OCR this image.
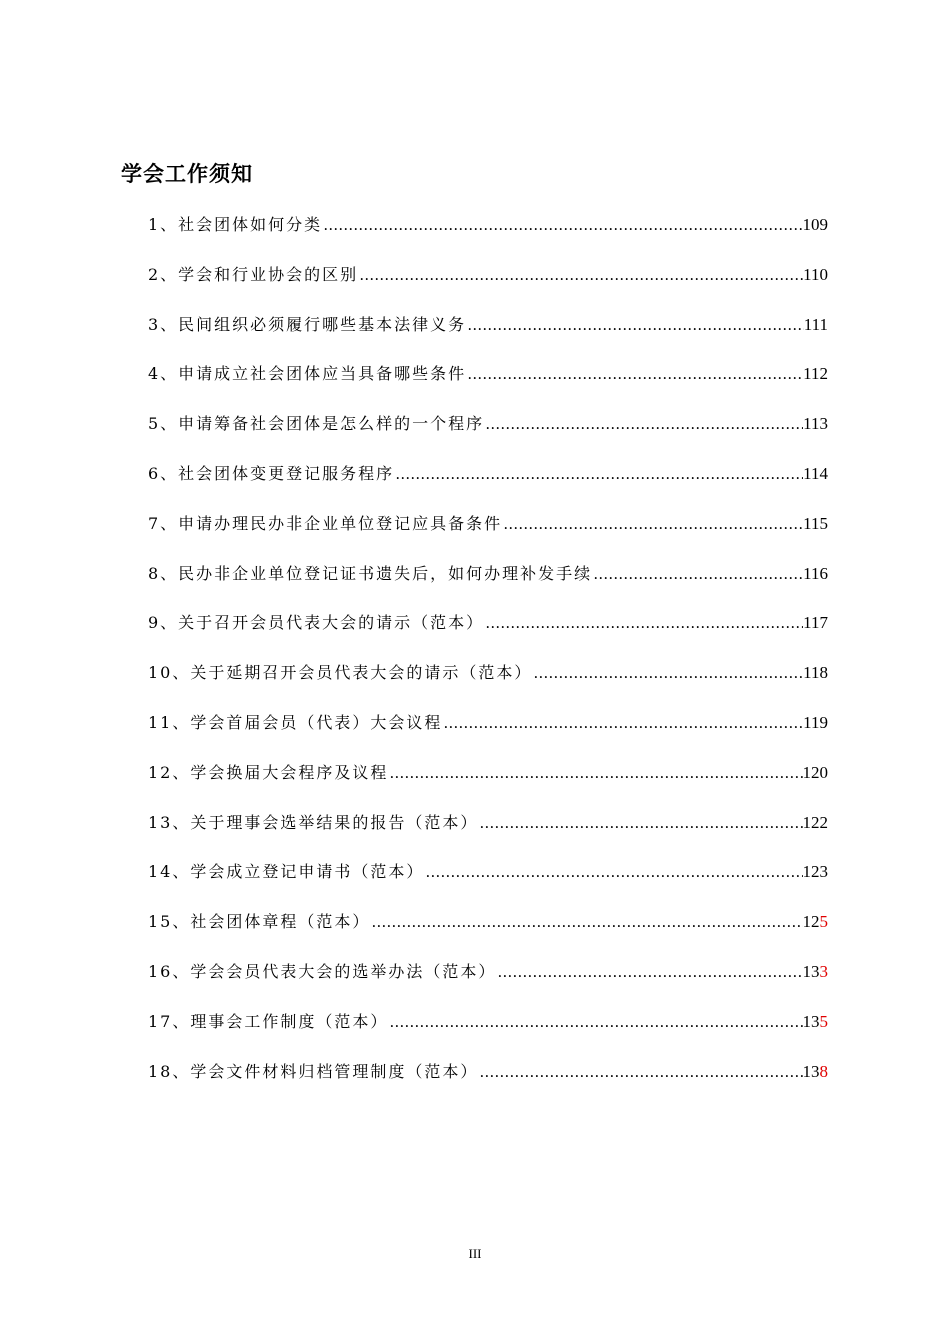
学会工作须知
1、社会团体如何分类 …………………………………………………………………………………………………………………………	109
2、学会和行业协会的区别 …………………………………………………………………………………………………………………………	110
3、民间组织必须履行哪些基本法律义务 …………………………………………………………………………………………………………………………	111
4、申请成立社会团体应当具备哪些条件 …………………………………………………………………………………………………………………………	112
5、申请筹备社会团体是怎么样的一个程序 …………………………………………………………………………………………………………………………	113
6、社会团体变更登记服务程序 …………………………………………………………………………………………………………………………	114
7、申请办理民办非企业单位登记应具备条件 …………………………………………………………………………………………………………………………	115
8、民办非企业单位登记证书遗失后，如何办理补发手续 …………………………………………………………………………………………………………………………	116
9、关于召开会员代表大会的请示（范本） …………………………………………………………………………………………………………………………	117
10、关于延期召开会员代表大会的请示（范本） …………………………………………………………………………………………………………………………	118
11、学会首届会员（代表）大会议程 …………………………………………………………………………………………………………………………	119
12、学会换届大会程序及议程 …………………………………………………………………………………………………………………………	120
13、关于理事会选举结果的报告（范本） …………………………………………………………………………………………………………………………	122
14、学会成立登记申请书（范本） …………………………………………………………………………………………………………………………	123
15、社会团体章程（范本） …………………………………………………………………………………………………………………………	125
16、学会会员代表大会的选举办法（范本） …………………………………………………………………………………………………………………………	133
17、理事会工作制度（范本） …………………………………………………………………………………………………………………………	135
18、学会文件材料归档管理制度（范本） …………………………………………………………………………………………………………………………	138
III
